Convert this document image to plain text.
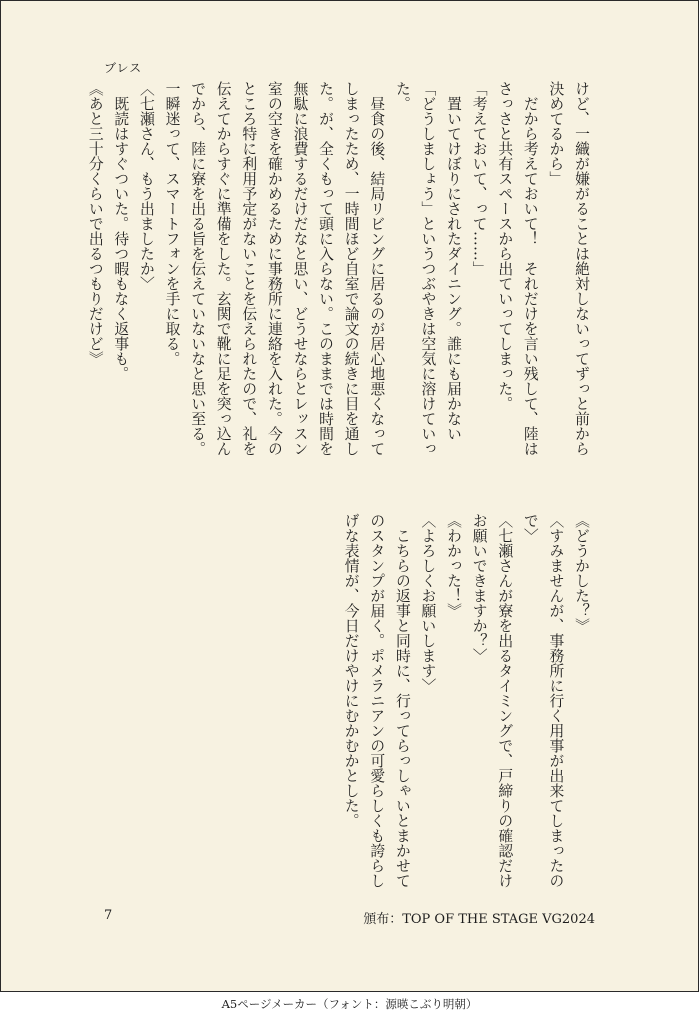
ブレス
けど、一織が嫌がることは絶対しないってずっと前から
決めてるから」
　だから考えておいて！　それだけを言い残して、陸は
さっさと共有スペースから出ていってしまった。
「考えておいて、って……」
　置いてけぼりにされたダイニング。誰にも届かない
「どうしましょう」というつぶやきは空気に溶けていっ
た。
　昼食の後、結局リビングに居るのが居心地悪くなって
しまったため、一時間ほど自室で論文の続きに目を通し
た。が、全くもって頭に入らない。このままでは時間を
無駄に浪費するだけだなと思い、どうせならとレッスン
室の空きを確かめるために事務所に連絡を入れた。今の
ところ特に利用予定がないことを伝えられたので、礼を
伝えてからすぐに準備をした。玄関で靴に足を突っ込ん
でから、陸に寮を出る旨を伝えていないなと思い至る。
一瞬迷って、スマートフォンを手に取る。
〈七瀬さん、もう出ましたか〉
　既読はすぐついた。待つ暇もなく返事も。
《あと三十分くらいで出るつもりだけど》
《どうかした？》
〈すみませんが、事務所に行く用事が出来てしまったの
で〉
〈七瀬さんが寮を出るタイミングで、戸締りの確認だけ
お願いできますか？〉
《わかった！》
〈よろしくお願いします〉
　こちらの返事と同時に、行ってらっしゃいとまかせて
のスタンプが届く。ポメラニアンの可愛らしくも誇らし
げな表情が、今日だけやけにむかむかとした。
7	頒布：TOP OF THE STAGE VG2024
A5ページメーカー（フォント：源暎こぶり明朝）
